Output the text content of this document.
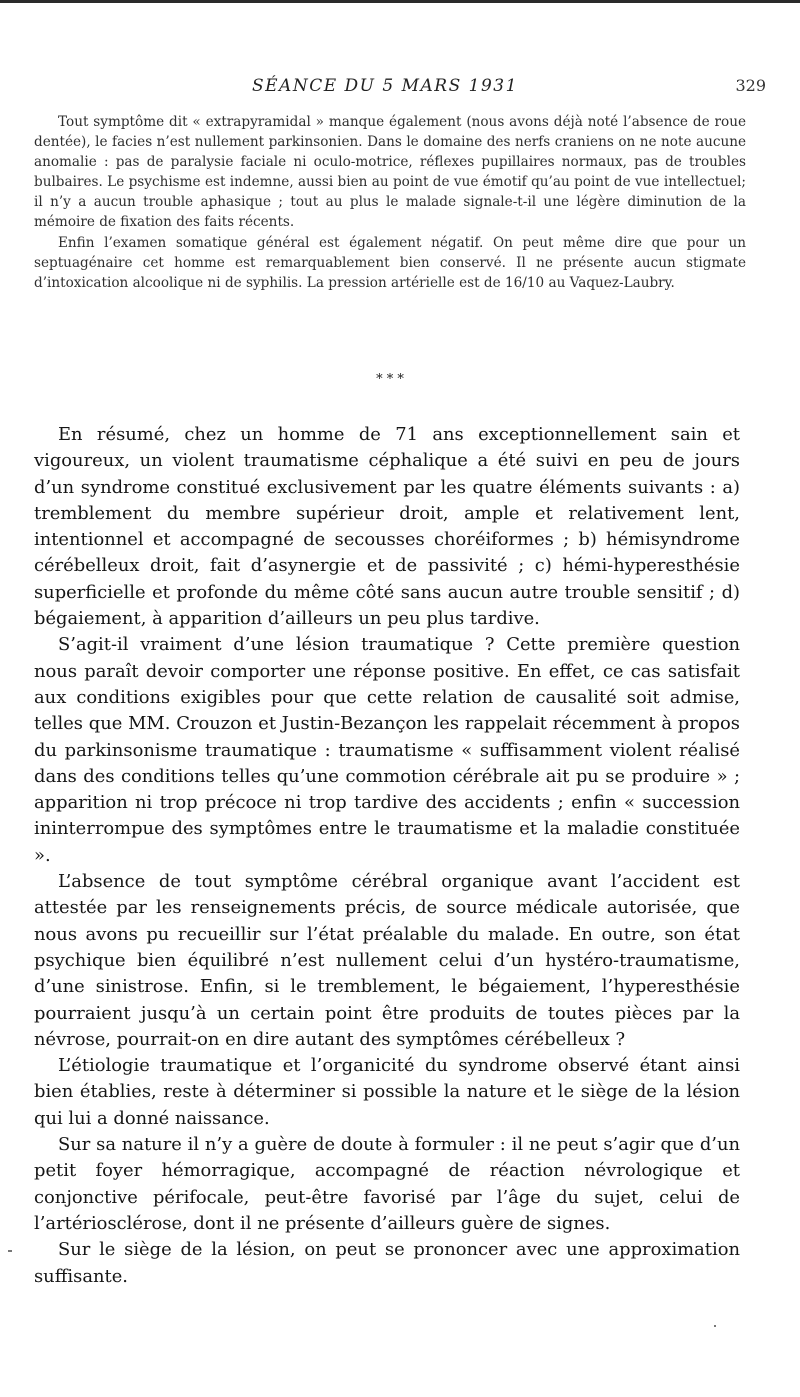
SÉANCE DU 5 MARS 1931	329

Tout symptôme dit « extrapyramidal » manque également (nous avons déjà noté l’absence de roue dentée), le facies n’est nullement parkinsonien. Dans le domaine des nerfs craniens on ne note aucune anomalie : pas de paralysie faciale ni oculo-motrice, réflexes pupillaires normaux, pas de troubles bulbaires. Le psychisme est indemne, aussi bien au point de vue émotif qu’au point de vue intellectuel; il n’y a aucun trouble aphasique ; tout au plus le malade signale-t-il une légère diminution de la mémoire de fixation des faits récents.

Enfin l’examen somatique général est également négatif. On peut même dire que pour un septuagénaire cet homme est remarquablement bien conservé. Il ne présente aucun stigmate d’intoxication alcoolique ni de syphilis. La pression artérielle est de 16/10 au Vaquez-Laubry.

* * *

En résumé, chez un homme de 71 ans exceptionnellement sain et vigoureux, un violent traumatisme céphalique a été suivi en peu de jours d’un syndrome constitué exclusivement par les quatre éléments suivants : a) tremblement du membre supérieur droit, ample et relativement lent, intentionnel et accompagné de secousses choréiformes ; b) hémisyndrome cérébelleux droit, fait d’asynergie et de passivité ; c) hémi-hyperesthésie superficielle et profonde du même côté sans aucun autre trouble sensitif ; d) bégaiement, à apparition d’ailleurs un peu plus tardive.

S’agit-il vraiment d’une lésion traumatique ? Cette première question nous paraît devoir comporter une réponse positive. En effet, ce cas satisfait aux conditions exigibles pour que cette relation de causalité soit admise, telles que MM. Crouzon et Justin-Bezançon les rappelait récemment à propos du parkinsonisme traumatique : traumatisme « suffisamment violent réalisé dans des conditions telles qu’une commotion cérébrale ait pu se produire » ; apparition ni trop précoce ni trop tardive des accidents ; enfin « succession ininterrompue des symptômes entre le traumatisme et la maladie constituée ».

L’absence de tout symptôme cérébral organique avant l’accident est attestée par les renseignements précis, de source médicale autorisée, que nous avons pu recueillir sur l’état préalable du malade. En outre, son état psychique bien équilibré n’est nullement celui d’un hystéro-traumatisme, d’une sinistrose. Enfin, si le tremblement, le bégaiement, l’hyperesthésie pourraient jusqu’à un certain point être produits de toutes pièces par la névrose, pourrait-on en dire autant des symptômes cérébelleux ?

L’étiologie traumatique et l’organicité du syndrome observé étant ainsi bien établies, reste à déterminer si possible la nature et le siège de la lésion qui lui a donné naissance.

Sur sa nature il n’y a guère de doute à formuler : il ne peut s’agir que d’un petit foyer hémorragique, accompagné de réaction névrologique et conjonctive périfocale, peut-être favorisé par l’âge du sujet, celui de l’artériosclérose, dont il ne présente d’ailleurs guère de signes.

Sur le siège de la lésion, on peut se prononcer avec une approximation suffisante.
